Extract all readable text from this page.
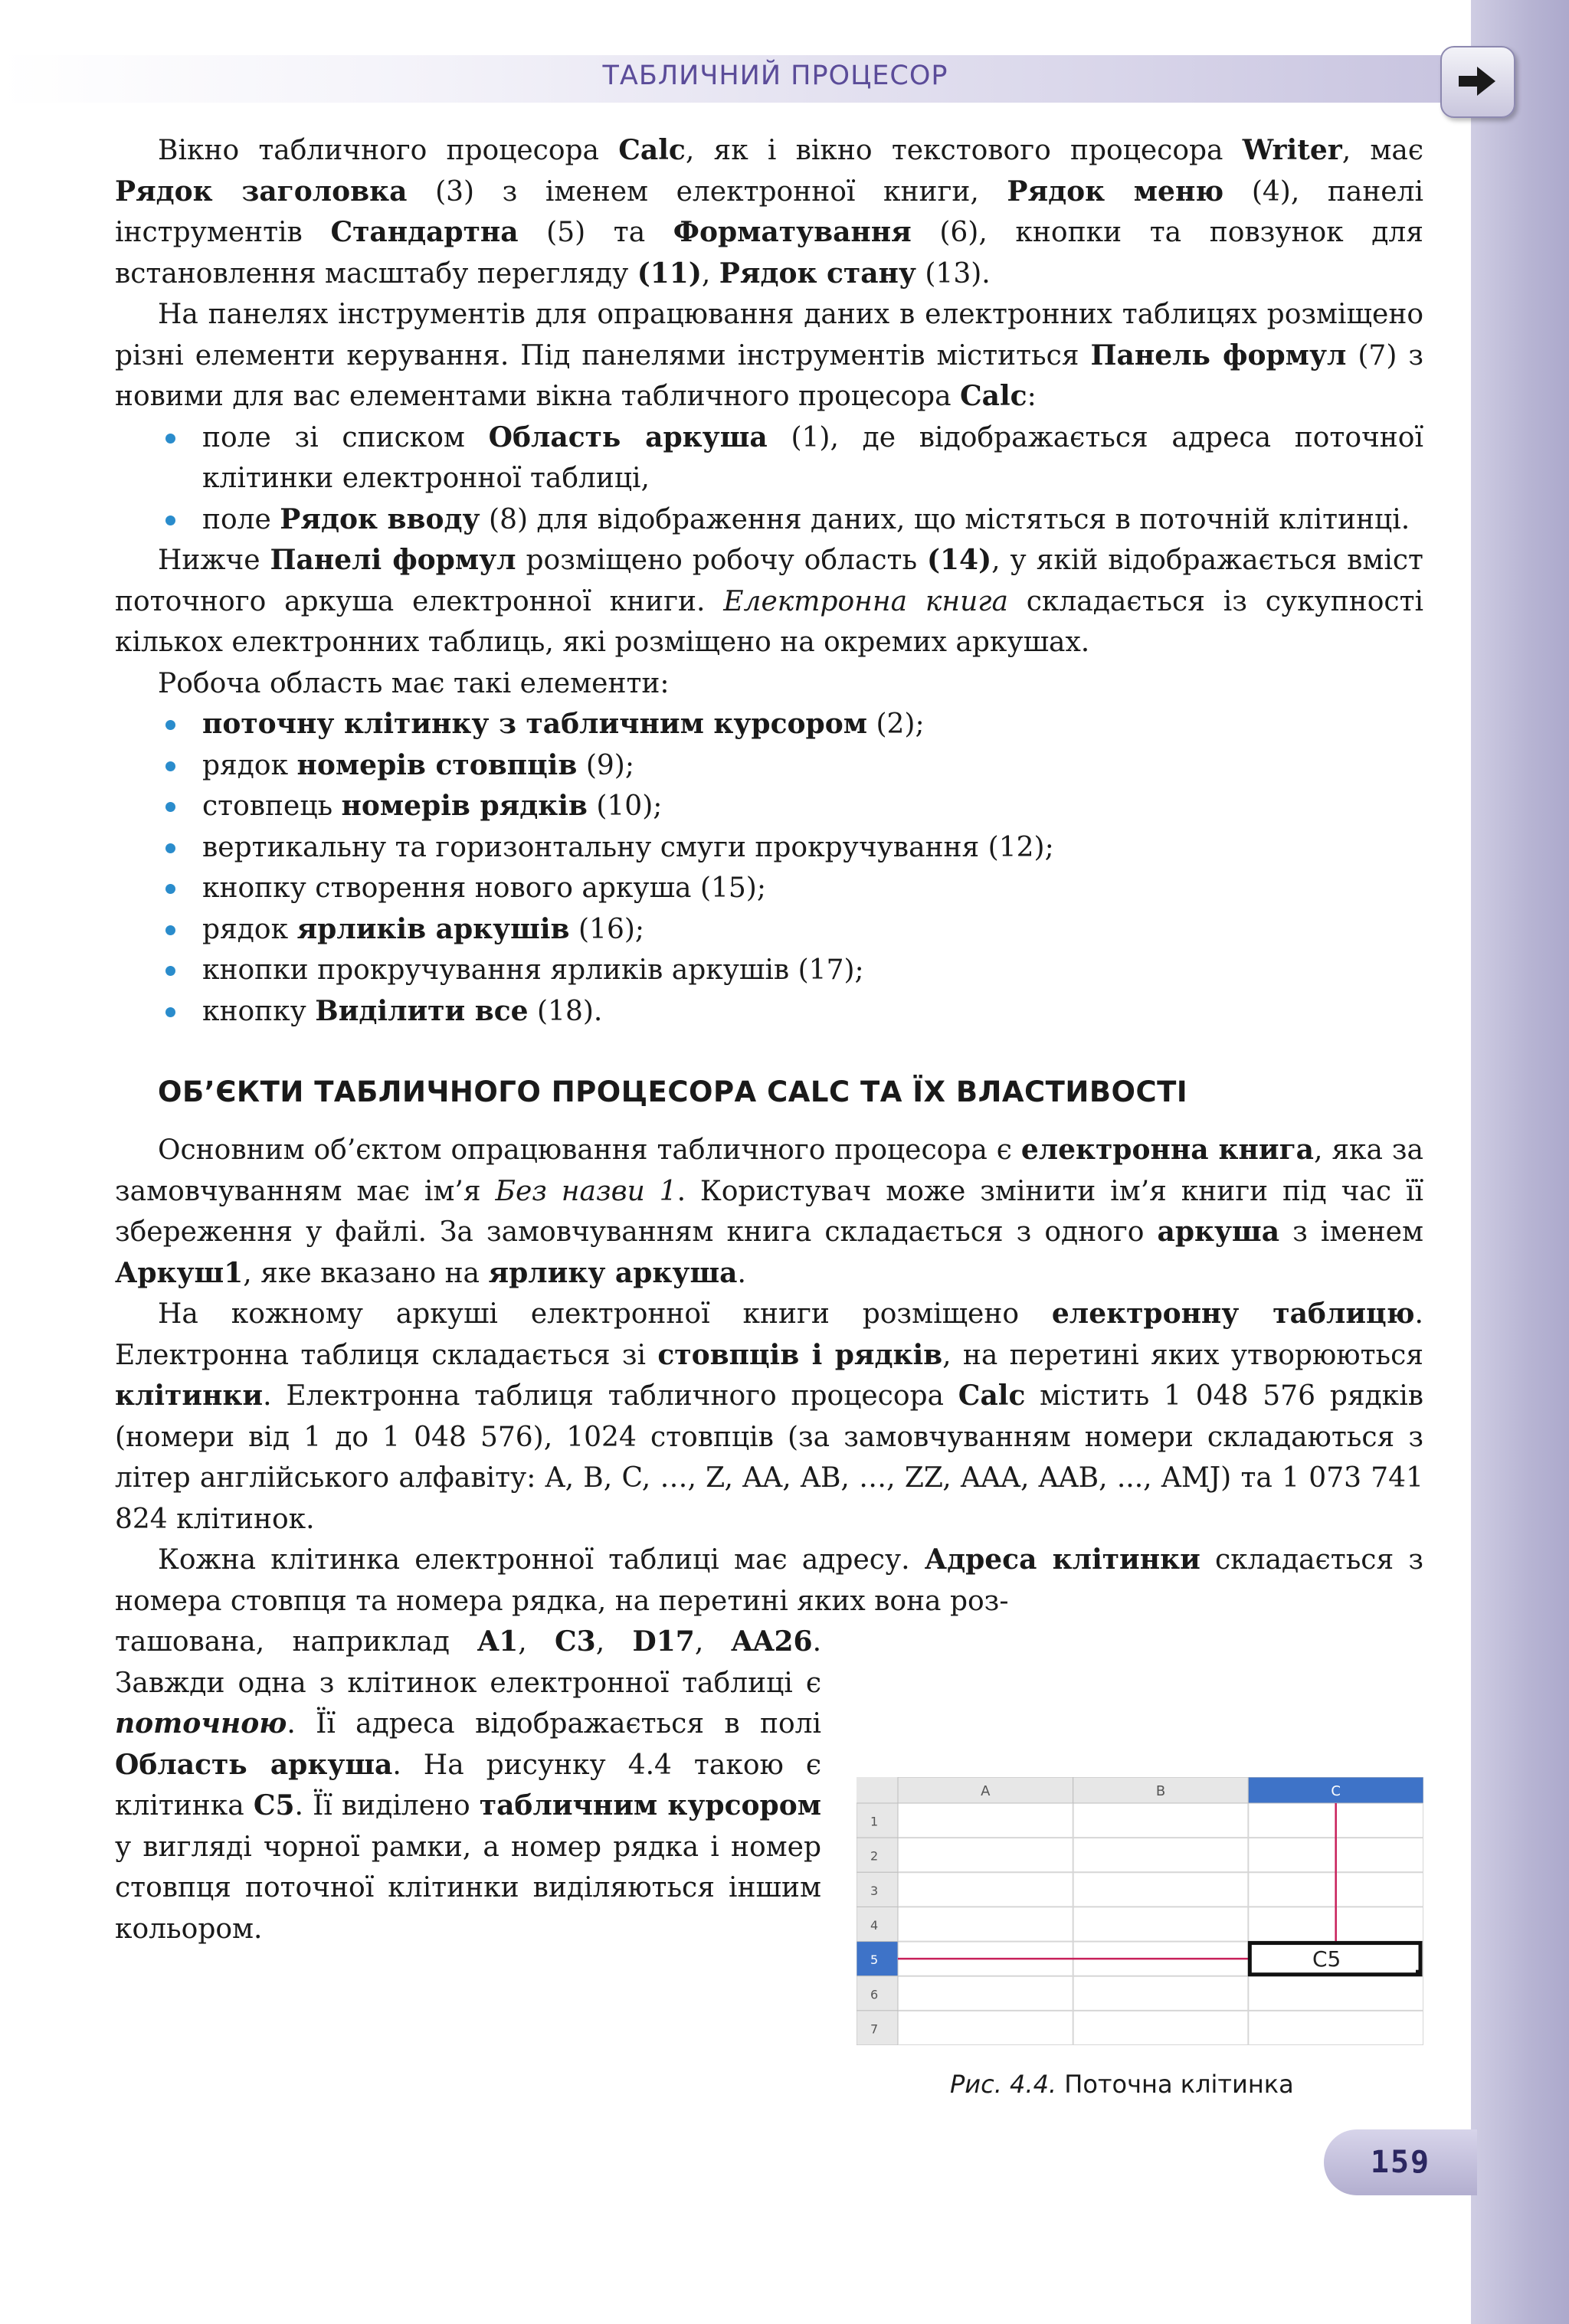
ТАБЛИЧНИЙ ПРОЦЕСОР

Вікно табличного процесора Calc, як і вікно текстового процесора Writer, має Рядок заголовка (3) з іменем електронної книги, Рядок меню (4), панелі інструментів Стандартна (5) та Форматування (6), кнопки та повзунок для встановлення масштабу перегляду (11), Рядок стану (13).

На панелях інструментів для опрацювання даних в електронних таблицях розміщено різні елементи керування. Під панелями інструментів міститься Панель формул (7) з новими для вас елементами вікна табличного процесора Calc:

поле зі списком Область аркуша (1), де відображається адреса поточної клітинки електронної таблиці,
поле Рядок вводу (8) для відображення даних, що містяться в поточній клітинці.

Нижче Панелі формул розміщено робочу область (14), у якій відображається вміст поточного аркуша електронної книги. Електронна книга складається із сукупності кількох електронних таблиць, які розміщено на окремих аркушах.

Робоча область має такі елементи:

поточну клітинку з табличним курсором (2);
рядок номерів стовпців (9);
стовпець номерів рядків (10);
вертикальну та горизонтальну смуги прокручування (12);
кнопку створення нового аркуша (15);
рядок ярликів аркушів (16);
кнопки прокручування ярликів аркушів (17);
кнопку Виділити все (18).
ОБ’ЄКТИ ТАБЛИЧНОГО ПРОЦЕСОРА CALC ТА ЇХ ВЛАСТИВОСТІ

Основним об’єктом опрацювання табличного процесора є електронна книга, яка за замовчуванням має ім’я Без назви 1. Користувач може змінити ім’я книги під час її збереження у файлі. За замовчуванням книга складається з одного аркуша з іменем Аркуш1, яке вказано на ярлику аркуша.

На кожному аркуші електронної книги розміщено електронну таблицю. Електронна таблиця складається зі стовпців і рядків, на перетині яких утворюються клітинки. Електронна таблиця табличного процесора Calc містить 1 048 576 рядків (номери від 1 до 1 048 576), 1024 стовпців (за замовчуванням номери складаються з літер англійського алфавіту: A, B, C, …, Z, AA, AB, …, ZZ, AAA, AAB, ..., AMJ) та 1 073 741 824 клітинок.

Кожна клітинка електронної таблиці має адресу. Адреса клітинки складається з номера стовпця та номера рядка, на перетині яких вона роз-

ташована, наприклад A1, C3, D17, AA26. Завжди одна з клітинок електронної таблиці є поточною. Її адреса відображається в полі Область аркуша. На рисунку 4.4 такою є клітинка C5. Її виділено табличним курсором у вигляді чорної рамки, а номер рядка і номер стовпця поточної клітинки виділяються іншим кольором.

A	B	C
1
2
3
4
5
6
7
C5
Рис. 4.4. Поточна клітинка
159
